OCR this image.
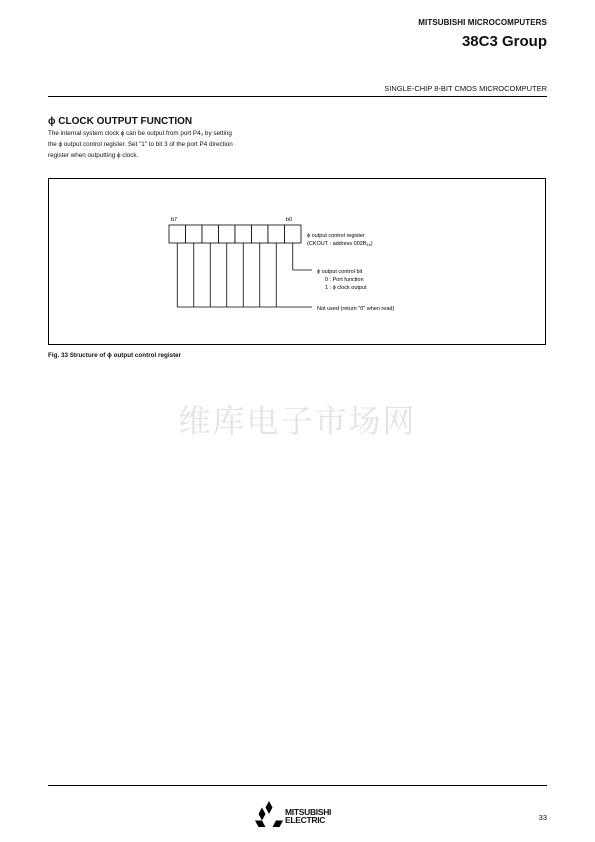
MITSUBISHI MICROCOMPUTERS
38C3 Group
SINGLE-CHIP 8-BIT CMOS MICROCOMPUTER
ϕ CLOCK OUTPUT FUNCTION
The internal system clock ϕ can be output from port P4₃ by setting
the ϕ output control register. Set "1" to bit 3 of the port P4 direction
register when outputting ϕ clock.
b7	b0
ϕ output control register
(CKOUT : address 002B16)
ϕ output control bit
0 : Port function
1 : ϕ clock output
Not used (return "0" when read)
Fig. 33 Structure of ϕ output control register
维库电子市场网
MITSUBISHI
ELECTRIC	33
